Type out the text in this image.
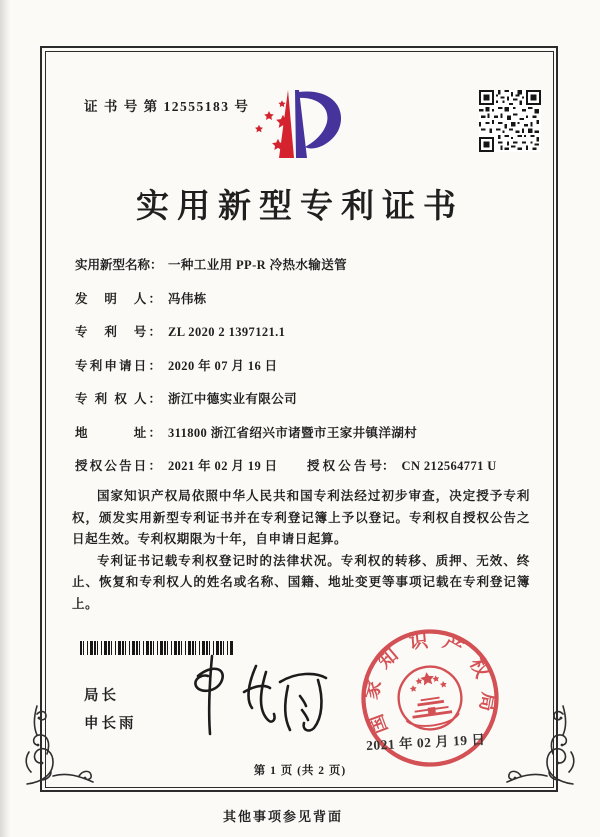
证 书 号 第 12555183 号
实用新型专利证书
实用新型名称： 一种工业用 PP-R 冷热水输送管
发　明　人： 冯伟栋
专　利　号： ZL 2020 2 1397121.1
专利申请日： 2020 年 07 月 16 日
专 利 权 人： 浙江中德实业有限公司
地　　　址： 311800 浙江省绍兴市诸暨市王家井镇洋湖村
授权公告日： 2021 年 02 月 19 日 授 权 公 告 号： CN 212564771 U

国家知识产权局依照中华人民共和国专利法经过初步审查，决定授予专利权，颁发实用新型专利证书并在专利登记簿上予以登记。专利权自授权公告之日起生效。专利权期限为十年，自申请日起算。

专利证书记载专利权登记时的法律状况。专利权的转移、质押、无效、终止、恢复和专利权人的姓名或名称、国籍、地址变更等事项记载在专利登记簿上。

局长
申长雨	国家知识产权局
2021 年 02 月 19 日
第 1 页 (共 2 页)
其他事项参见背面
